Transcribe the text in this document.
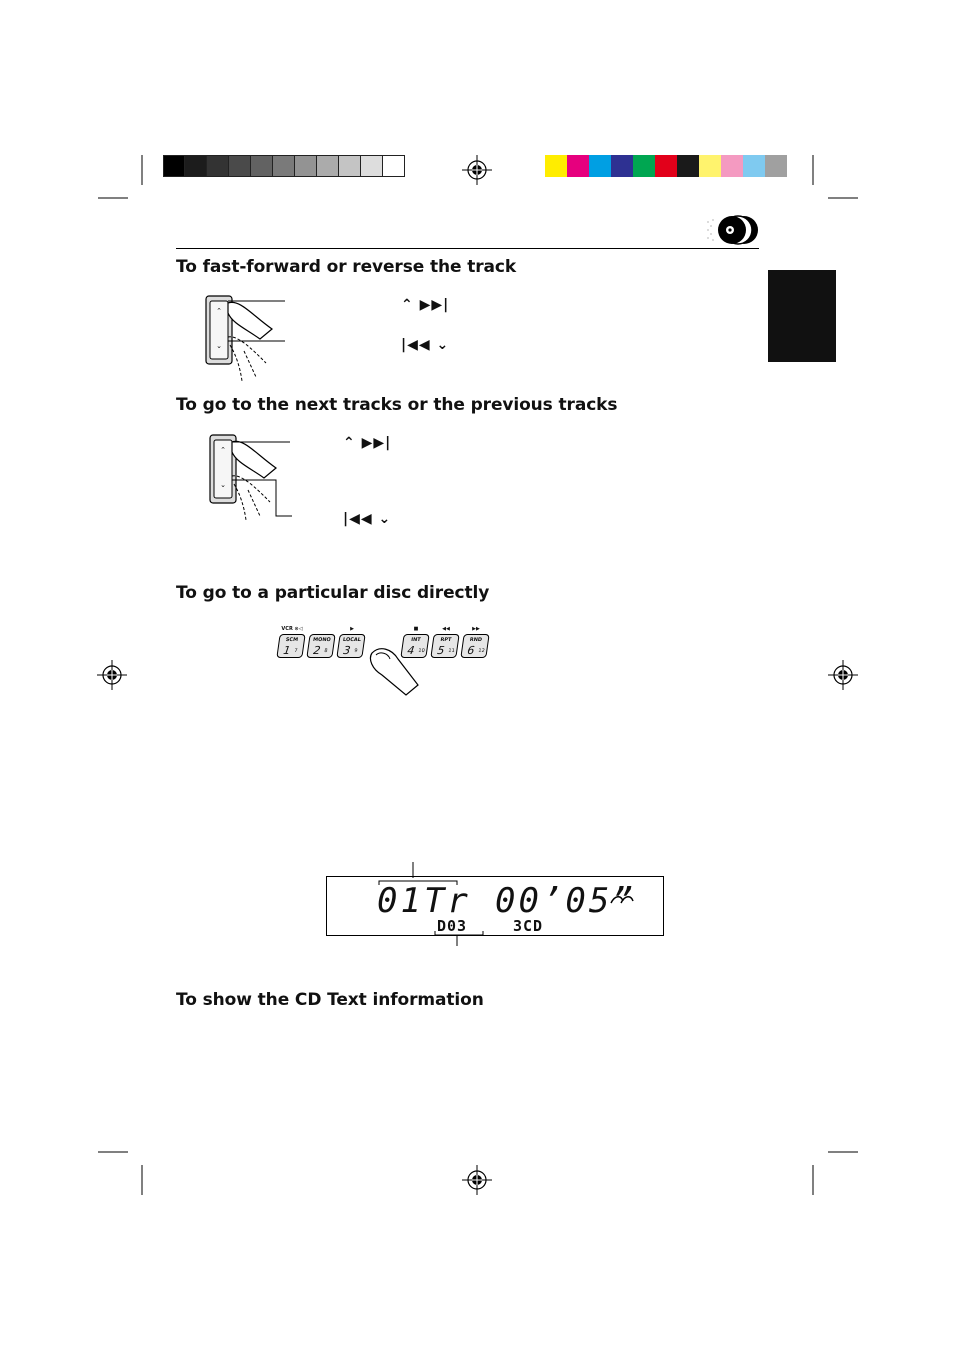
To fast-forward or reverse the track
⌃
⌄
⌃ ▶▶|
|◀◀ ⌄
To go to the next tracks or the previous tracks
⌃
⌄
⌃ ▶▶|
|◀◀ ⌄
To go to a particular disc directly
VCR ⊙◁
SCM
1 7
MONO
2 8
▶
LOCAL
3 9
■
INT
4 10
◀◀
RPT
5 11
▶▶
RND
6 12
01Tr 00’05”
D03	3CD
To show the CD Text information
